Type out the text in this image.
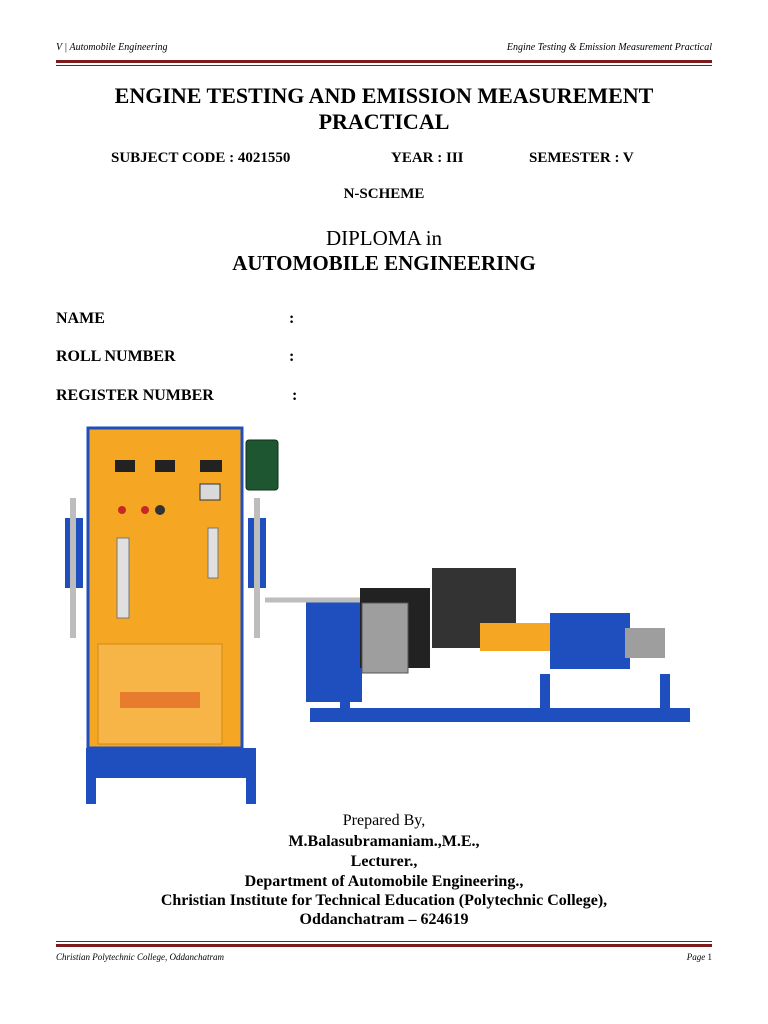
V | Automobile Engineering	Engine Testing & Emission Measurement Practical
ENGINE TESTING AND EMISSION MEASUREMENT
PRACTICAL
SUBJECT CODE : 4021550	YEAR : III	SEMESTER : V
N-SCHEME
DIPLOMA in
AUTOMOBILE ENGINEERING
NAME	:
ROLL NUMBER	:
REGISTER NUMBER	:
Prepared By,
M.Balasubramaniam.,M.E.,
Lecturer.,
Department of Automobile Engineering.,
Christian Institute for Technical Education (Polytechnic College),
Oddanchatram – 624619
Christian Polytechnic College, Oddanchatram	Page 1
